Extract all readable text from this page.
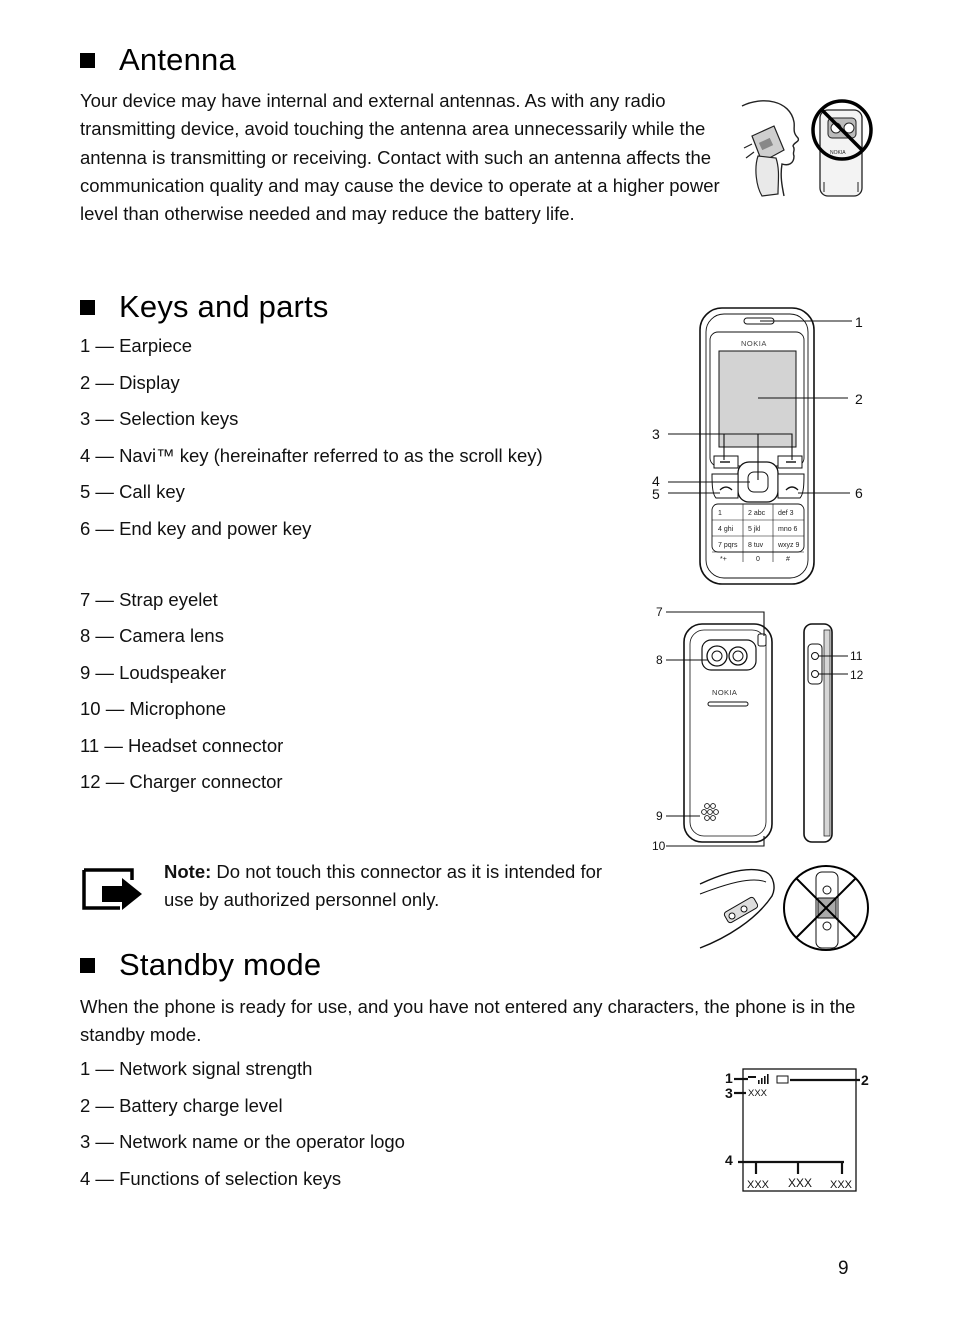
Antenna

Your device may have internal and external antennas. As with any radio transmitting device, avoid touching the antenna area unnecessarily while the antenna is transmitting or receiving. Contact with such an antenna affects the communication quality and may cause the device to operate at a higher power level than otherwise needed and may reduce the battery life.

NOKIA
Keys and parts
1 — Earpiece
2 — Display
3 — Selection keys
4 — Navi™ key (hereinafter referred to as the scroll key)
5 — Call key
6 — End key and power key
7 — Strap eyelet
8 — Camera lens
9 — Loudspeaker
10 — Microphone
11 — Headset connector
12 — Charger connector
NOKIA
1	2 abc def 3
4 ghi 5 jkl	mno 6
7 pqrs 8 tuv wxyz 9
*+	0	#
1
2
3
4
5	6
NOKIA
7
8
9
10
11
12

Note: Do not touch this connector as it is intended for use by authorized personnel only.

Standby mode

When the phone is ready for use, and you have not entered any characters, the phone is in the standby mode.

1 — Network signal strength
2 — Battery charge level
3 — Network name or the operator logo
4 — Functions of selection keys
XXX
XXX XXX XXX
1	2
3
4
9
